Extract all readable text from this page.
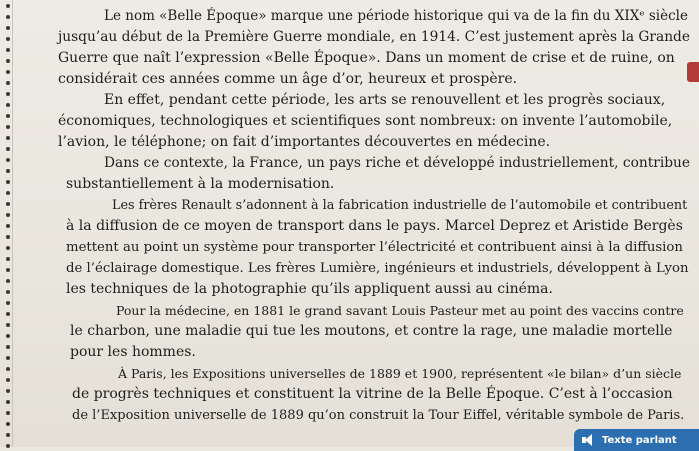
Le nom «Belle Époque» marque une période historique qui va de la fin du XIXᵉ siècle
jusqu’au début de la Première Guerre mondiale, en 1914. C’est justement après la Grande
Guerre que naît l’expression «Belle Époque». Dans un moment de crise et de ruine, on
considérait ces années comme un âge d’or, heureux et prospère.
En effet, pendant cette période, les arts se renouvellent et les progrès sociaux,
économiques, technologiques et scientifiques sont nombreux: on invente l’automobile,
l’avion, le téléphone; on fait d’importantes découvertes en médecine.
Dans ce contexte, la France, un pays riche et développé industriellement, contribue
substantiellement à la modernisation.
Les frères Renault s’adonnent à la fabrication industrielle de l’automobile et contribuent
à la diffusion de ce moyen de transport dans le pays. Marcel Deprez et Aristide Bergès
mettent au point un système pour transporter l’électricité et contribuent ainsi à la diffusion
de l’éclairage domestique. Les frères Lumière, ingénieurs et industriels, développent à Lyon
les techniques de la photographie qu’ils appliquent aussi au cinéma.
Pour la médecine, en 1881 le grand savant Louis Pasteur met au point des vaccins contre
le charbon, une maladie qui tue les moutons, et contre la rage, une maladie mortelle
pour les hommes.
À Paris, les Expositions universelles de 1889 et 1900, représentent «le bilan» d’un siècle
de progrès techniques et constituent la vitrine de la Belle Époque. C’est à l’occasion
de l’Exposition universelle de 1889 qu’on construit la Tour Eiffel, véritable symbole de Paris.
Texte parlant
